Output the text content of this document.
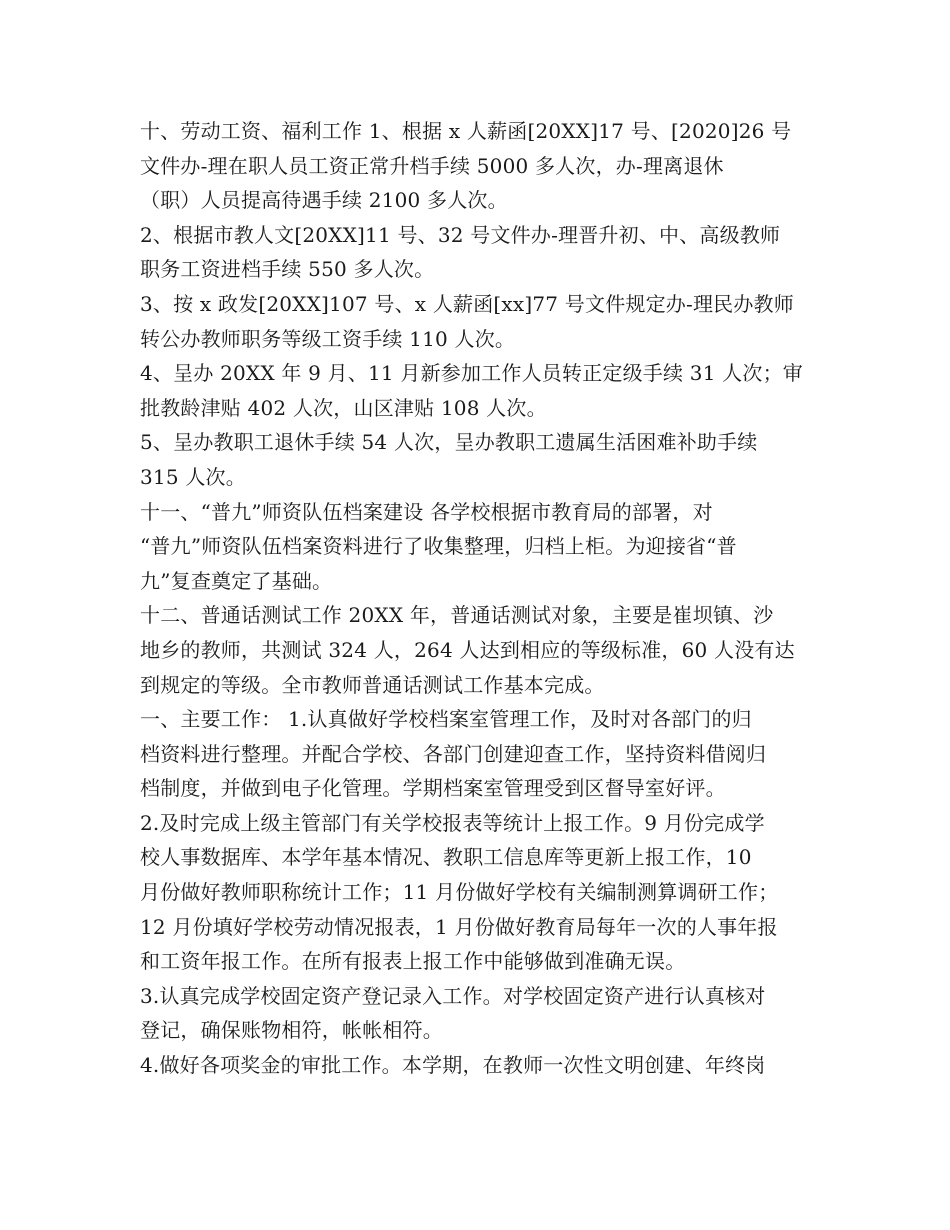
十、劳动工资、福利工作 1、根据 x 人薪函[20XX]17 号、[2020]26 号
文件办-理在职人员工资正常升档手续 5000 多人次，办-理离退休
（职）人员提高待遇手续 2100 多人次。
2、根据市教人文[20XX]11 号、32 号文件办-理晋升初、中、高级教师
职务工资进档手续 550 多人次。
3、按 x 政发[20XX]107 号、x 人薪函[xx]77 号文件规定办-理民办教师
转公办教师职务等级工资手续 110 人次。
4、呈办 20XX 年 9 月、11 月新参加工作人员转正定级手续 31 人次；审
批教龄津贴 402 人次，山区津贴 108 人次。
5、呈办教职工退休手续 54 人次，呈办教职工遗属生活困难补助手续
315 人次。
十一、“普九”师资队伍档案建设 各学校根据市教育局的部署，对
“普九”师资队伍档案资料进行了收集整理，归档上柜。为迎接省“普
九”复查奠定了基础。
十二、普通话测试工作 20XX 年，普通话测试对象，主要是崔坝镇、沙
地乡的教师，共测试 324 人，264 人达到相应的等级标准，60 人没有达
到规定的等级。全市教师普通话测试工作基本完成。
一、主要工作： 1.认真做好学校档案室管理工作，及时对各部门的归
档资料进行整理。并配合学校、各部门创建迎查工作，坚持资料借阅归
档制度，并做到电子化管理。学期档案室管理受到区督导室好评。
2.及时完成上级主管部门有关学校报表等统计上报工作。9 月份完成学
校人事数据库、本学年基本情况、教职工信息库等更新上报工作，10
月份做好教师职称统计工作；11 月份做好学校有关编制测算调研工作；
12 月份填好学校劳动情况报表，1 月份做好教育局每年一次的人事年报
和工资年报工作。在所有报表上报工作中能够做到准确无误。
3.认真完成学校固定资产登记录入工作。对学校固定资产进行认真核对
登记，确保账物相符，帐帐相符。
4.做好各项奖金的审批工作。本学期，在教师一次性文明创建、年终岗
